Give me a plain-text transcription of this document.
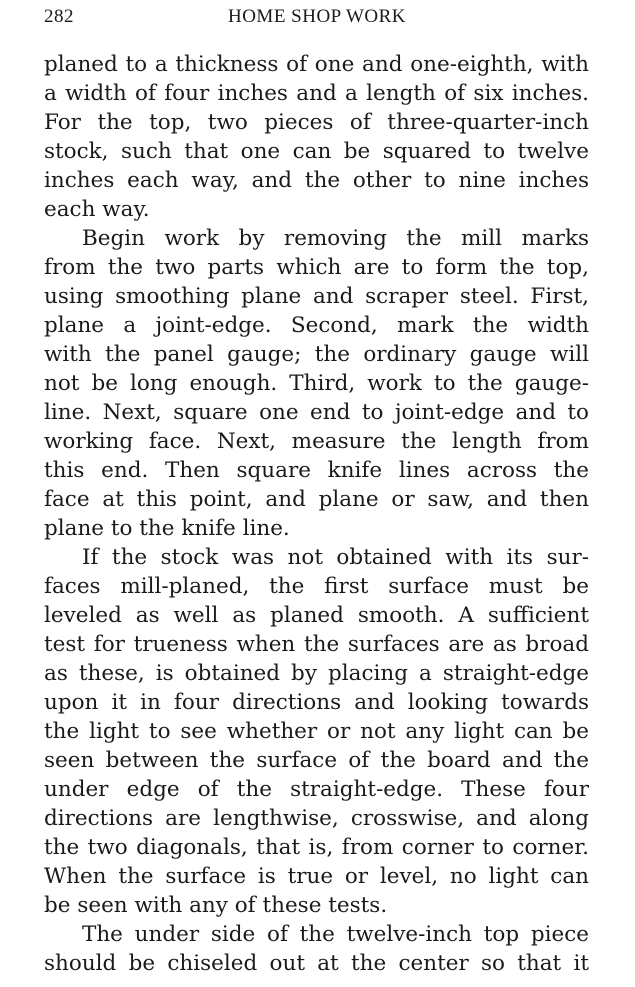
282	HOME SHOP WORK
planed to a thickness of one and one-eighth, with
a width of four inches and a length of six inches.
For the top, two pieces of three-quarter-inch
stock, such that one can be squared to twelve
inches each way, and the other to nine inches
each way.
Begin work by removing the mill marks
from the two parts which are to form the top,
using smoothing plane and scraper steel. First,
plane a joint-edge. Second, mark the width
with the panel gauge; the ordinary gauge will
not be long enough. Third, work to the gauge-
line. Next, square one end to joint-edge and to
working face. Next, measure the length from
this end. Then square knife lines across the
face at this point, and plane or saw, and then
plane to the knife line.
If the stock was not obtained with its sur-
faces mill-planed, the first surface must be
leveled as well as planed smooth. A sufficient
test for trueness when the surfaces are as broad
as these, is obtained by placing a straight-edge
upon it in four directions and looking towards
the light to see whether or not any light can be
seen between the surface of the board and the
under edge of the straight-edge. These four
directions are lengthwise, crosswise, and along
the two diagonals, that is, from corner to corner.
When the surface is true or level, no light can
be seen with any of these tests.
The under side of the twelve-inch top piece
should be chiseled out at the center so that it
